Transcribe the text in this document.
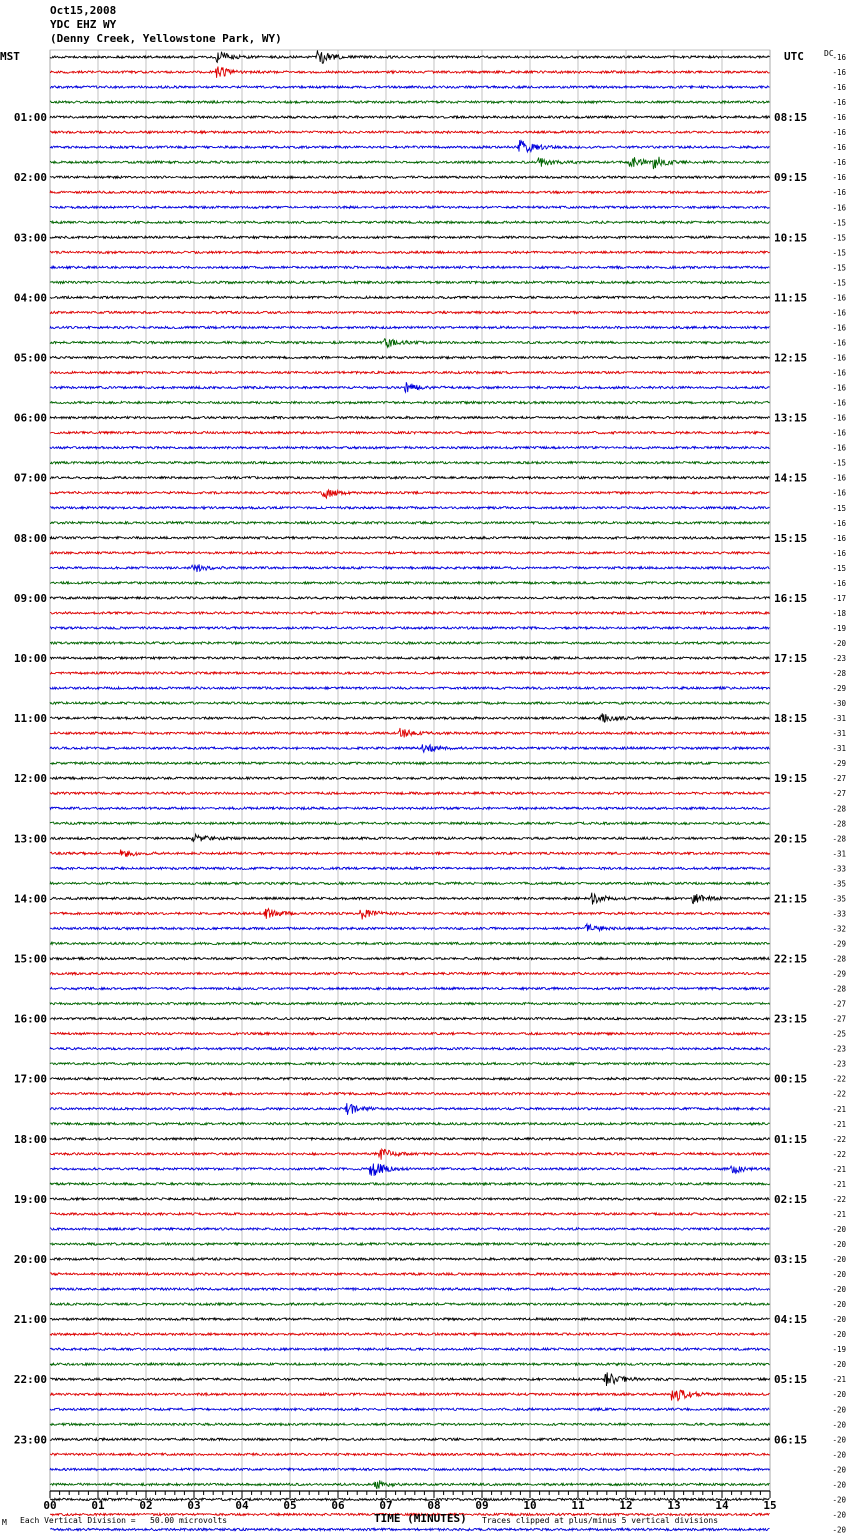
Oct15,2008
YDC EHZ WY
(Denny Creek, Yellowstone Park, WY)
MST	UTC	DC
01:00
02:00
03:00
04:00
05:00
06:00
07:00
08:00
09:00
10:00
11:00
12:00
13:00
14:00
15:00
16:00
17:00
18:00
19:00
20:00
21:00
22:00
23:00
08:15
09:15
10:15
11:15
12:15
13:15
14:15
15:15
16:15
17:15
18:15
19:15
20:15
21:15
22:15
23:15
00:15
01:15
02:15
03:15
04:15
05:15
06:15
-16
-16
-16
-16
-16
-16
-16
-16
-16
-16
-16
-15
-15
-15
-15
-15
-16
-16
-16
-16
-16
-16
-16
-16
-16
-16
-16
-15
-16
-16
-15
-16
-16
-16
-15
-16
-17
-18
-19
-20
-23
-28
-29
-30
-31
-31
-31
-29
-27
-27
-28
-28
-28
-31
-33
-35
-35
-33
-32
-29
-28
-29
-28
-27
-27
-25
-23
-23
-22
-22
-21
-21
-22
-22
-21
-21
-22
-21
-20
-20
-20
-20
-20
-20
-20
-20
-19
-20
-21
-20
-20
-20
-20
-20
-20
-20
-20
-20
-20
00	01	02	03	04	05	06	07	08	09	10	11	12	13	14	15
M Each Vertical Division =   50.00 microvolts	TIME (MINUTES) Traces clipped at plus/minus 5 vertical divisions
